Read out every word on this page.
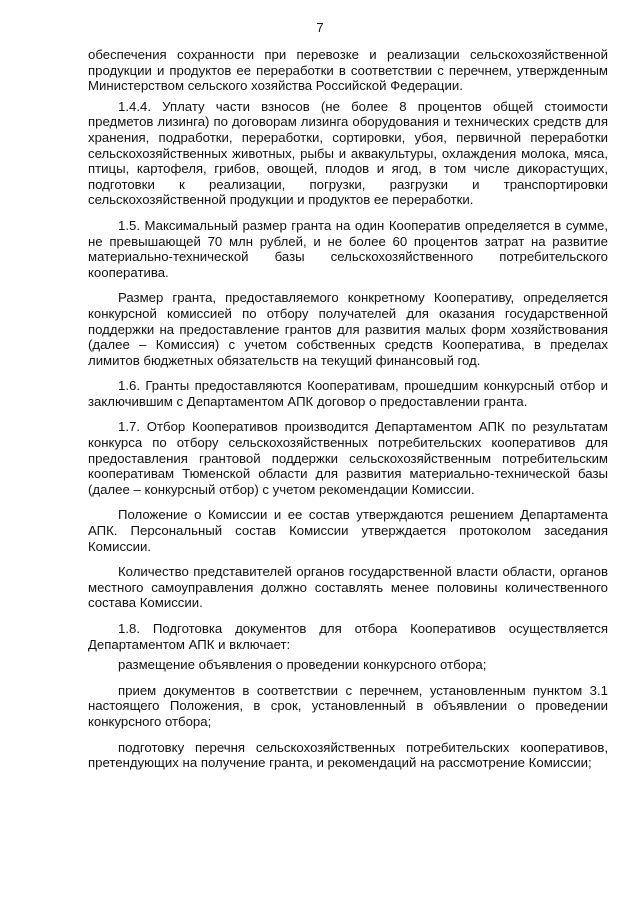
7

обеспечения сохранности при перевозке и реализации сельскохозяйственной продукции и продуктов ее переработки в соответствии с перечнем, утвержденным Министерством сельского хозяйства Российской Федерации.

1.4.4. Уплату части взносов (не более 8 процентов общей стоимости предметов лизинга) по договорам лизинга оборудования и технических средств для хранения, подработки, переработки, сортировки, убоя, первичной переработки сельскохозяйственных животных, рыбы и аквакультуры, охлаждения молока, мяса, птицы, картофеля, грибов, овощей, плодов и ягод, в том числе дикорастущих, подготовки к реализации, погрузки, разгрузки и транспортировки сельскохозяйственной продукции и продуктов ее переработки.

1.5. Максимальный размер гранта на один Кооператив определяется в сумме, не превышающей 70 млн рублей, и не более 60 процентов затрат на развитие материально-технической базы сельскохозяйственного потребительского кооператива.

Размер гранта, предоставляемого конкретному Кооперативу, определяется конкурсной комиссией по отбору получателей для оказания государственной поддержки на предоставление грантов для развития малых форм хозяйствования (далее – Комиссия) с учетом собственных средств Кооператива, в пределах лимитов бюджетных обязательств на текущий финансовый год.

1.6. Гранты предоставляются Кооперативам, прошедшим конкурсный отбор и заключившим с Департаментом АПК договор о предоставлении гранта.

1.7. Отбор Кооперативов производится Департаментом АПК по результатам конкурса по отбору сельскохозяйственных потребительских кооперативов для предоставления грантовой поддержки сельскохозяйственным потребительским кооперативам Тюменской области для развития материально-технической базы (далее – конкурсный отбор) с учетом рекомендации Комиссии.

Положение о Комиссии и ее состав утверждаются решением Департамента АПК. Персональный состав Комиссии утверждается протоколом заседания Комиссии.

Количество представителей органов государственной власти области, органов местного самоуправления должно составлять менее половины количественного состава Комиссии.

1.8. Подготовка документов для отбора Кооперативов осуществляется Департаментом АПК и включает:

размещение объявления о проведении конкурсного отбора;

прием документов в соответствии с перечнем, установленным пунктом 3.1 настоящего Положения, в срок, установленный в объявлении о проведении конкурсного отбора;

подготовку перечня сельскохозяйственных потребительских кооперативов, претендующих на получение гранта, и рекомендаций на рассмотрение Комиссии;
